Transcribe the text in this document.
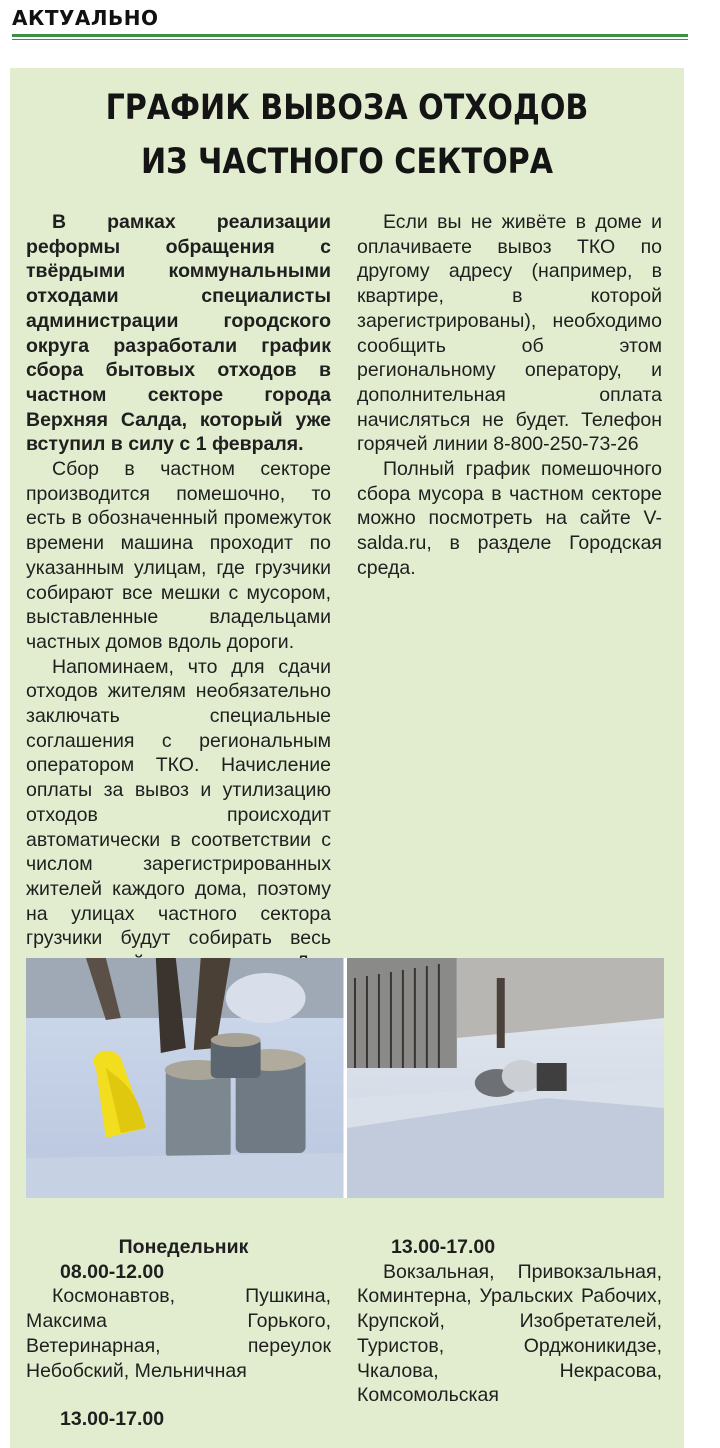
АКТУАЛЬНО
ГРАФИК ВЫВОЗА ОТХОДОВ
ИЗ ЧАСТНОГО СЕКТОРА

В рамках реализации реформы обращения с твёрдыми коммунальными отходами специалисты администрации городского округа разработали график сбора бытовых отходов в частном секторе города Верхняя Салда, который уже вступил в силу с 1 февраля.

Сбор в частном секторе производится помешочно, то есть в обозначенный промежуток времени машина проходит по указанным улицам, где грузчики собирают все мешки с мусором, выставленные владельцами частных домов вдоль дороги.

Напоминаем, что для сдачи отходов жителям необязательно заключать специальные соглашения с региональным оператором ТКО. Начисление оплаты за вывоз и утилизацию отходов происходит автоматически в соответствии с числом зарегистрированных жителей каждого дома, поэтому на улицах частного сектора грузчики будут собирать весь

Если вы не живёте в доме и оплачиваете вывоз ТКО по другому адресу (например, в квартире, в которой зарегистрированы), необходимо сообщить об этом региональному оператору, и дополнительная оплата начисляться не будет. Телефон горячей линии 8-800-250-73-26

Полный график помешочного сбора мусора в частном секторе можно посмотреть на сайте V-salda.ru, в разделе Городская среда.

Понедельник
08.00-12.00

Космонавтов, Пушкина, Максима Горького, Ветеринарная, переулок Небобский, Мельничная

13.00-17.00
13.00-17.00

Вокзальная, Привокзальная, Коминтерна, Уральских Рабочих, Крупской, Изобретателей, Туристов, Орджоникидзе, Чкалова, Некрасова, Комсомольская
